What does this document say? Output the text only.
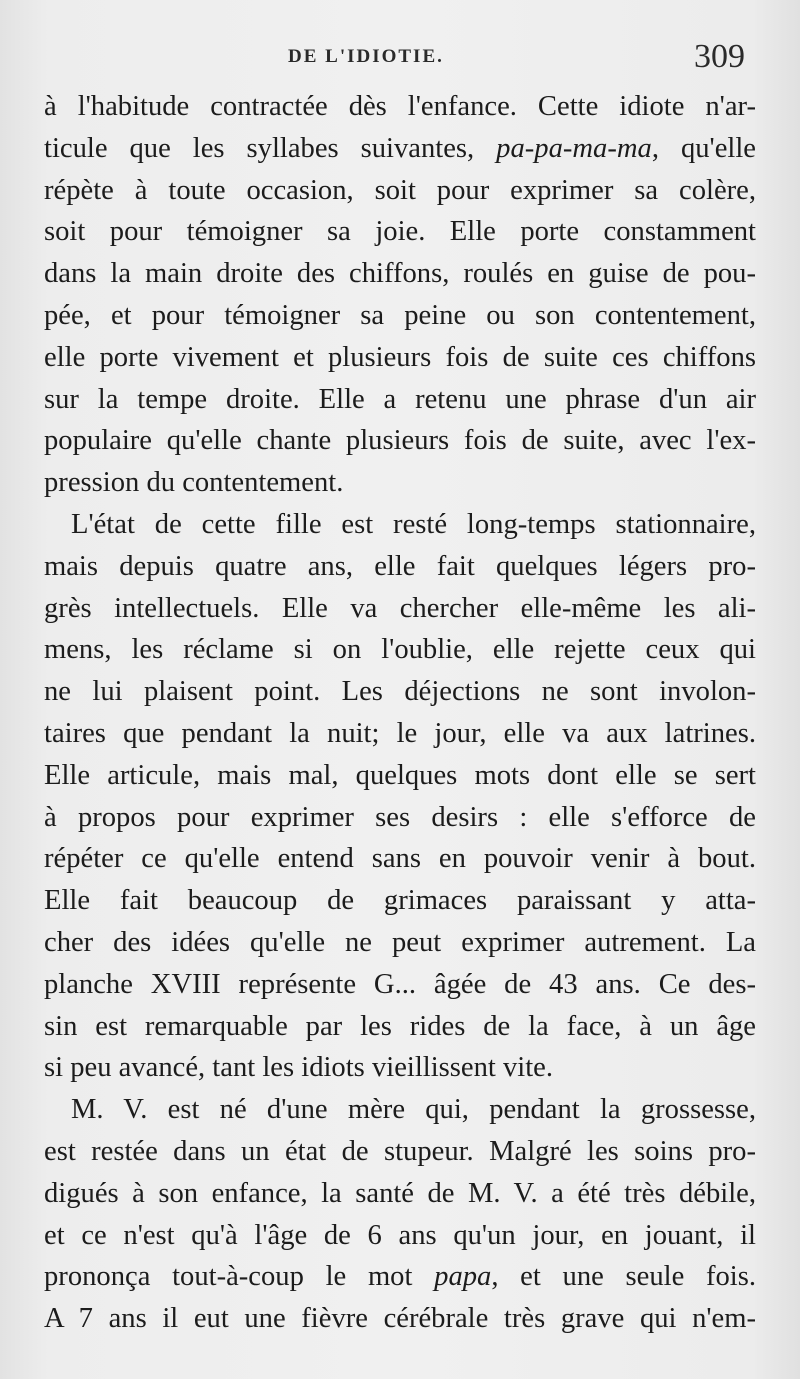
DE L'IDIOTIE.	309
à l'habitude contractée dès l'enfance. Cette idiote n'ar-
ticule que les syllabes suivantes, pa-pa-ma-ma, qu'elle
répète à toute occasion, soit pour exprimer sa colère,
soit pour témoigner sa joie. Elle porte constamment
dans la main droite des chiffons, roulés en guise de pou-
pée, et pour témoigner sa peine ou son contentement,
elle porte vivement et plusieurs fois de suite ces chiffons
sur la tempe droite. Elle a retenu une phrase d'un air
populaire qu'elle chante plusieurs fois de suite, avec l'ex-
pression du contentement.
L'état de cette fille est resté long-temps stationnaire,
mais depuis quatre ans, elle fait quelques légers pro-
grès intellectuels. Elle va chercher elle-même les ali-
mens, les réclame si on l'oublie, elle rejette ceux qui
ne lui plaisent point. Les déjections ne sont involon-
taires que pendant la nuit; le jour, elle va aux latrines.
Elle articule, mais mal, quelques mots dont elle se sert
à propos pour exprimer ses desirs : elle s'efforce de
répéter ce qu'elle entend sans en pouvoir venir à bout.
Elle fait beaucoup de grimaces paraissant y atta-
cher des idées qu'elle ne peut exprimer autrement. La
planche XVIII représente G... âgée de 43 ans. Ce des-
sin est remarquable par les rides de la face, à un âge
si peu avancé, tant les idiots vieillissent vite.
M. V. est né d'une mère qui, pendant la grossesse,
est restée dans un état de stupeur. Malgré les soins pro-
digués à son enfance, la santé de M. V. a été très débile,
et ce n'est qu'à l'âge de 6 ans qu'un jour, en jouant, il
prononça tout-à-coup le mot papa, et une seule fois.
A 7 ans il eut une fièvre cérébrale très grave qui n'em-
